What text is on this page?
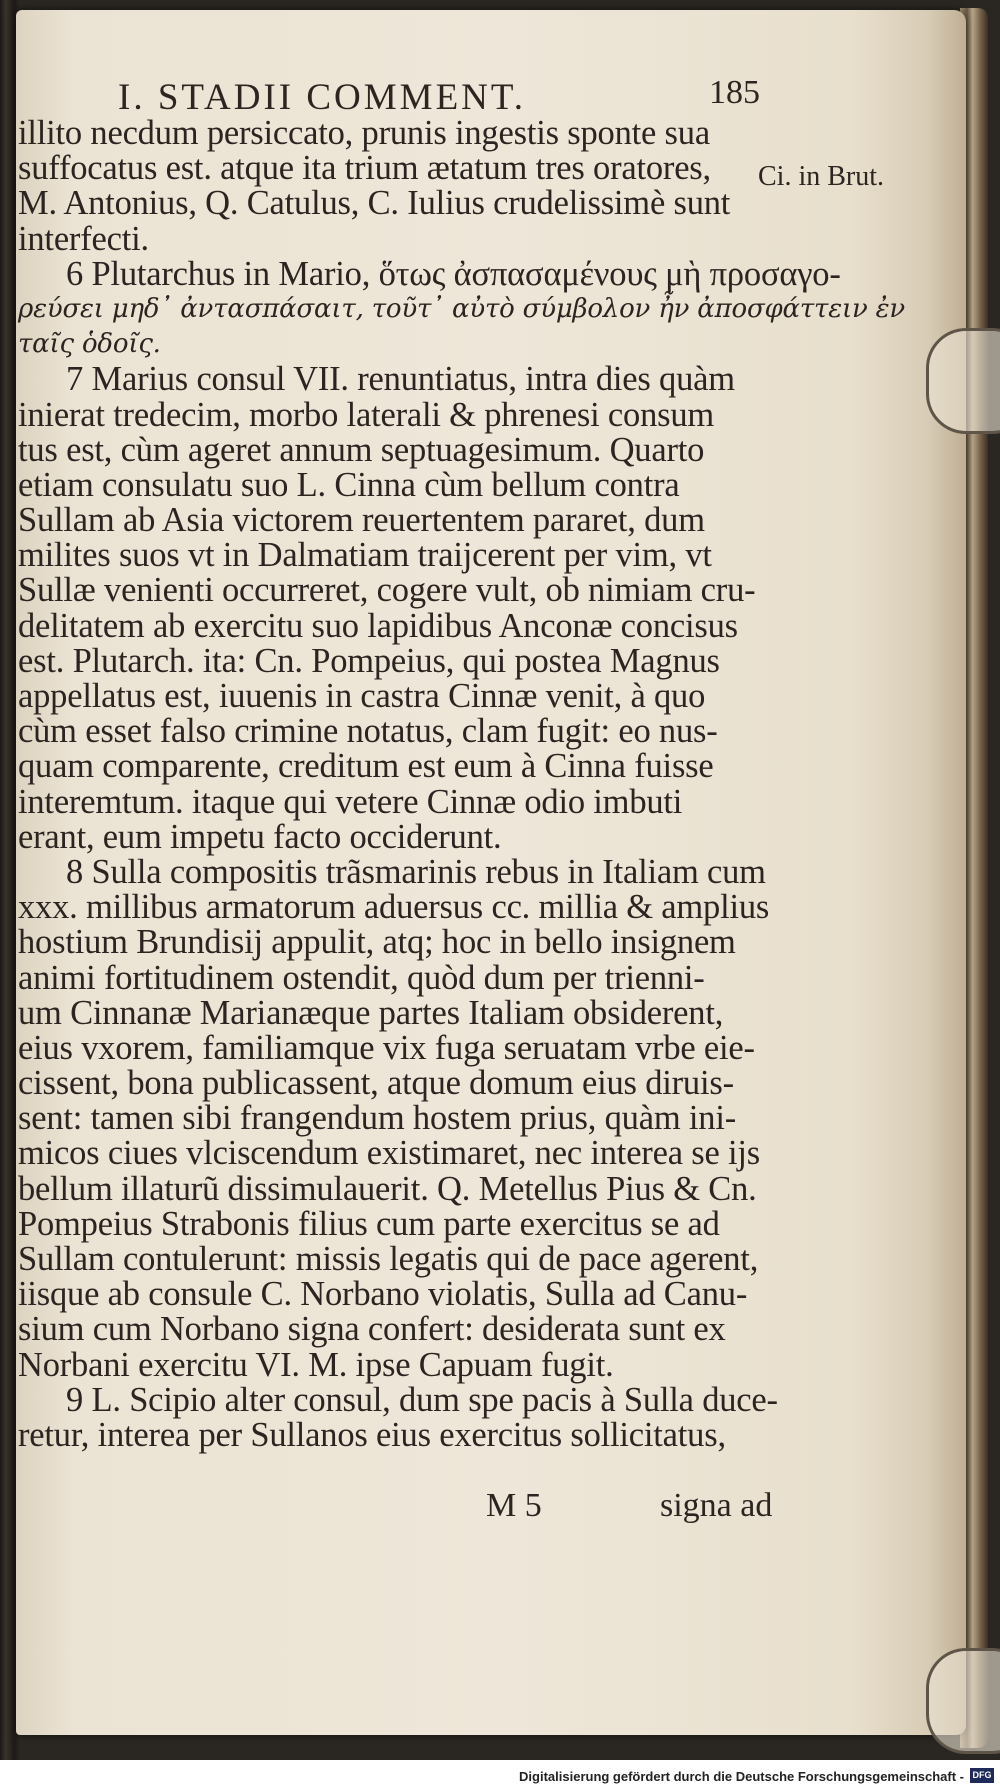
I. STADII COMMENT.	185
Ci. in Brut.
illito necdum persiccato, prunis ingestis sponte sua
suffocatus est. atque ita trium ætatum tres oratores,
M. Antonius, Q. Catulus, C. Iulius crudelissimè sunt
interfecti.
6 Plutarchus in Mario, ὅτως ἀσπασαμένους μὴ προσαγο-
ρεύσει μηδ᾽ ἀντασπάσαιτ, τοῦτ᾽ αὐτὸ σύμβολον ἦν ἀποσφάττειν ἐν
ταῖς ὁδοῖς.
7 Marius consul VII. renuntiatus, intra dies quàm
inierat tredecim, morbo laterali & phrenesi consum
tus est, cùm ageret annum septuagesimum. Quarto
etiam consulatu suo L. Cinna cùm bellum contra
Sullam ab Asia victorem reuertentem pararet, dum
milites suos vt in Dalmatiam traijcerent per vim, vt
Sullæ venienti occurreret, cogere vult, ob nimiam cru-
delitatem ab exercitu suo lapidibus Anconæ concisus
est. Plutarch. ita: Cn. Pompeius, qui postea Magnus
appellatus est, iuuenis in castra Cinnæ venit, à quo
cùm esset falso crimine notatus, clam fugit: eo nus-
quam comparente, creditum est eum à Cinna fuisse
interemtum. itaque qui vetere Cinnæ odio imbuti
erant, eum impetu facto occiderunt.
8 Sulla compositis trãsmarinis rebus in Italiam cum
xxx. millibus armatorum aduersus cc. millia & amplius
hostium Brundisij appulit, atq; hoc in bello insignem
animi fortitudinem ostendit, quòd dum per trienni-
um Cinnanæ Marianæque partes Italiam obsiderent,
eius vxorem, familiamque vix fuga seruatam vrbe eie-
cissent, bona publicassent, atque domum eius diruis-
sent: tamen sibi frangendum hostem prius, quàm ini-
micos ciues vlciscendum existimaret, nec interea se ijs
bellum illaturũ dissimulauerit. Q. Metellus Pius & Cn.
Pompeius Strabonis filius cum parte exercitus se ad
Sullam contulerunt: missis legatis qui de pace agerent,
iisque ab consule C. Norbano violatis, Sulla ad Canu-
sium cum Norbano signa confert: desiderata sunt ex
Norbani exercitu VI. M. ipse Capuam fugit.
9 L. Scipio alter consul, dum spe pacis à Sulla duce-
retur, interea per Sullanos eius exercitus sollicitatus,
M 5	signa ad
Digitalisierung gefördert durch die Deutsche Forschungsgemeinschaft - DFG
